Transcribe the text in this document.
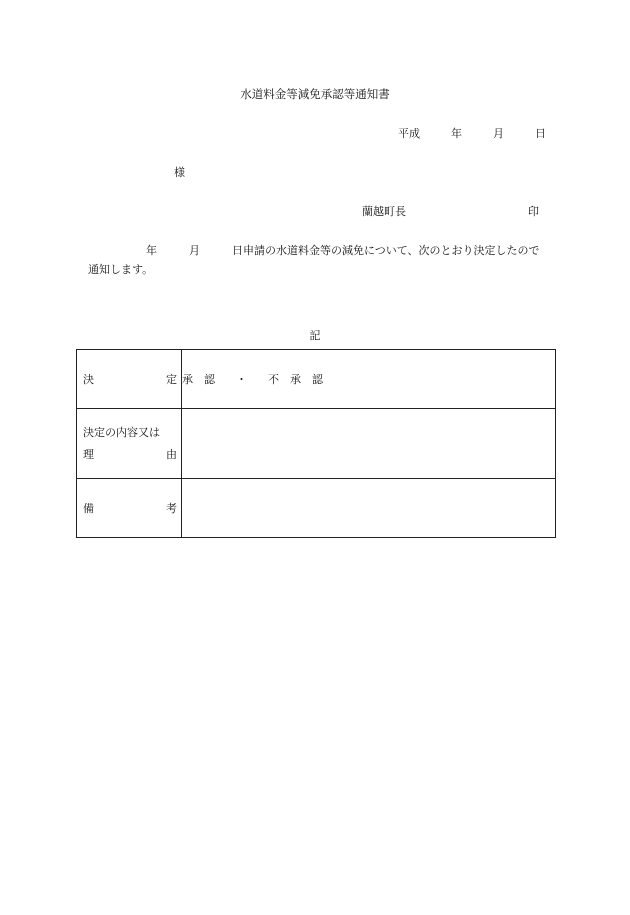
水道料金等減免承認等通知書
平成	年	月	日
様
蘭越町長	印
年	月	日申請の水道料金等の減免について、次のとおり決定したので
通知します。
記
決 定	承　認 ・ 不　承　認

決定の内容又は
理 由	

備 考	
